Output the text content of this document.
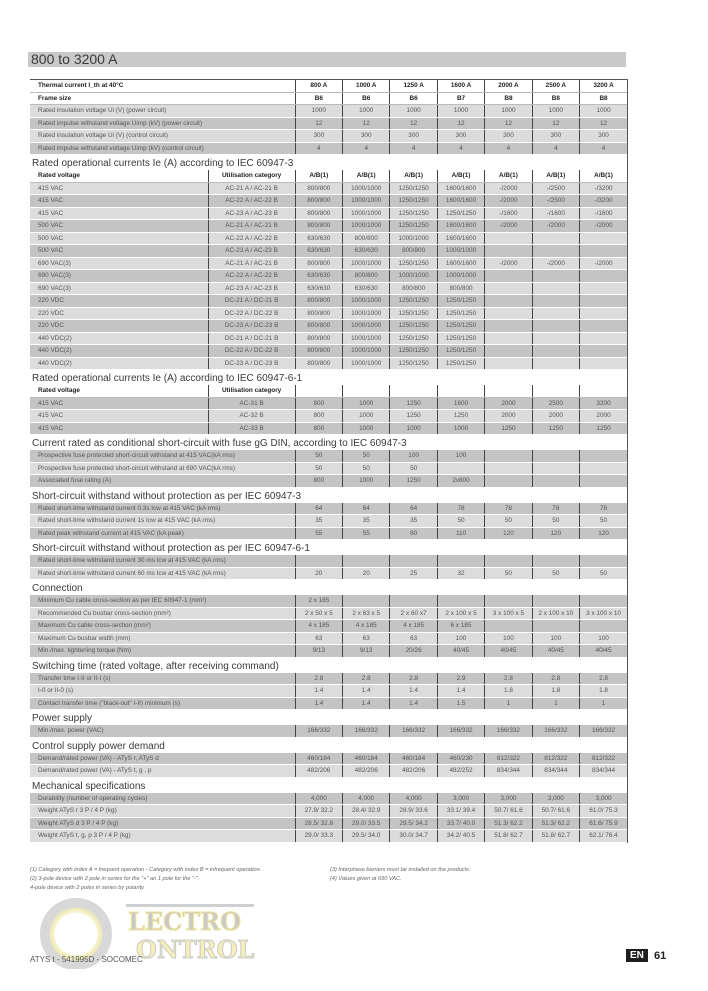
800 to 3200 A
Thermal current I_th at 40°C	800 A	1000 A	1250 A	1600 A	2000 A	2500 A	3200 A
Frame size	B6	B6	B6	B7	B8	B8	B8
Rated insulation voltage Ui (V) (power circuit)	1000	1000	1000	1000	1000	1000	1000
Rated impulse withstand voltage Uimp (kV) (power circuit)	12	12	12	12	12	12	12
Rated insulation voltage Ui (V) (control circuit)	300	300	300	300	300	300	300
Rated impulse withstand voltage Uimp (kV) (control circuit)	4	4	4	4	4	4	4
Rated operational currents Ie (A) according to IEC 60947-3
Rated voltage	Utilisation category	A/B(1)	A/B(1)	A/B(1)	A/B(1)	A/B(1)	A/B(1)	A/B(1)
415 VAC	AC-21 A / AC-21 B	800/800	1000/1000	1250/1250	1600/1600	-/2000	-/2500	-/3200
415 VAC	AC-22 A / AC-22 B	800/800	1000/1000	1250/1250	1600/1600	-/2000	-/2500	-/3200
415 VAC	AC-23 A / AC-23 B	800/800	1000/1000	1250/1250	1250/1250	-/1600	-/1600	-/1600
500 VAC	AC-21 A / AC-21 B	800/800	1000/1000	1250/1250	1600/1600	-/2000	-/2000	-/2000
500 VAC	AC-22 A / AC-22 B	630/630	800/800	1000/1000	1600/1600			
500 VAC	AC-23 A / AC-23 B	630/630	630/630	800/800	1000/1000			
690 VAC(3)	AC-21 A / AC-21 B	800/800	1000/1000	1250/1250	1600/1600	-/2000	-/2000	-/2000
690 VAC(3)	AC-22 A / AC-22 B	630/630	800/800	1000/1000	1000/1000			
690 VAC(3)	AC-23 A / AC-23 B	630/630	630/630	800/800	800/800			
220 VDC	DC-21 A / DC-21 B	800/800	1000/1000	1250/1250	1250/1250			
220 VDC	DC-22 A / DC-22 B	800/800	1000/1000	1250/1250	1250/1250			
220 VDC	DC-23 A / DC-23 B	800/800	1000/1000	1250/1250	1250/1250			
440 VDC(2)	DC-21 A / DC-21 B	800/800	1000/1000	1250/1250	1250/1250			
440 VDC(2)	DC-22 A / DC-22 B	800/800	1000/1000	1250/1250	1250/1250			
440 VDC(2)	DC-23 A / DC-23 B	800/800	1000/1000	1250/1250	1250/1250			
Rated operational currents Ie (A) according to IEC 60947-6-1
Rated voltage	Utilisation category							
415 VAC	AC-31 B	800	1000	1250	1600	2000	2500	3200
415 VAC	AC-32 B	800	1000	1250	1250	2000	2000	2000
415 VAC	AC-33 B	800	1000	1000	1000	1250	1250	1250
Current rated as conditional short-circuit with fuse gG DIN, according to IEC 60947-3
Prospective fuse protected short-circuit withstand at 415 VAC(kA rms)	50	50	100	100			
Prospective fuse protected short-circuit withstand at 690 VAC(kA rms)	50	50	50				
Associated fuse rating (A)	800	1000	1250	2x800			
Short-circuit withstand without protection as per IEC 60947-3
Rated short-time withstand current 0.3s Icw at 415 VAC (kA rms)	64	64	64	78	78	78	78
Rated short-time withstand current 1s Icw at 415 VAC (kA rms)	35	35	35	50	50	50	50
Rated peak withstand current at 415 VAC (kA peak)	55	55	80	110	120	120	120
Short-circuit withstand without protection as per IEC 60947-6-1
Rated short-time withstand current 30 ms Icw at 415 VAC (kA rms)							
Rated short-time withstand current 60 ms Icw at 415 VAC (kA rms)	20	20	25	32	50	50	50
Connection
Minimum Cu cable cross-section as per IEC 60947-1 (mm²)	2 x 185						
Recommended Cu busbar cross-section (mm²)	2 x 50 x 5	2 x 63 x 5	2 x 60 x7	2 x 100 x 5	3 x 100 x 5	2 x 100 x 10	3 x 100 x 10
Maximum Cu cable cross-section (mm²)	4 x 185	4 x 185	4 x 185	6 x 185			
Maximum Cu busbar width (mm)	63	63	63	100	100	100	100
Min./max. tightening torque (Nm)	9/13	9/13	20/26	40/45	40/45	40/45	40/45
Switching time (rated voltage, after receiving command)
Transfer time I-II or II-I (s)	2.8	2.8	2.8	2.9	2.8	2.8	2.8
I-0 or II-0 (s)	1.4	1.4	1.4	1.4	1.8	1.8	1.8
Contact transfer time ("black-out" I-II) minimum (s)	1.4	1.4	1.4	1.5	1	1	1
Power supply
Min./max. power (VAC)	166/332	166/332	166/332	166/332	166/332	166/332	166/332
Control supply power demand
Demand/rated power (VA) - ATyS r, ATyS d	460/184	460/184	460/184	460/230	812/322	812/322	812/322
Demand/rated power (VA) - ATyS t, g , p	482/206	482/206	482/206	482/252	834/344	834/344	834/344
Mechanical specifications
Durability (number of operating cycles)	4,000	4,000	4,000	3,000	3,000	3,000	3,000
Weight ATyS r 3 P / 4 P (kg)	27.9/ 32.2	28.4/ 32.9	28.9/ 33.6	33.1/ 39.4	50.7/ 61.6	50.7/ 61.6	61.0/ 75.3
Weight ATyS d 3 P / 4 P (kg)	28.5/ 32.8	29.0/ 33.5	29.5/ 34.2	33.7/ 40.0	51.3/ 62.2	51.3/ 62.2	61.6/ 75.9
Weight ATyS t, g, p 3 P / 4 P (kg)	29.0/ 33.3	29.5/ 34.0	30.0/ 34.7	34.2/ 40.5	51.8/ 62.7	51.8/ 62.7	62.1/ 76.4
(1) Category with index A = frequent operation - Category with index B = infrequent operation.
(2) 3-pole device with 2 pole in series for the "+" an 1 pole for the "-".
4-pole device with 2 poles in series by polarity.
(3) Interphase barriers must be installed on the products.
(4) Values given at 690 VAC.
LECTRO
ONTROL
ATYS t - 541995D - SOCOMEC	EN 61
